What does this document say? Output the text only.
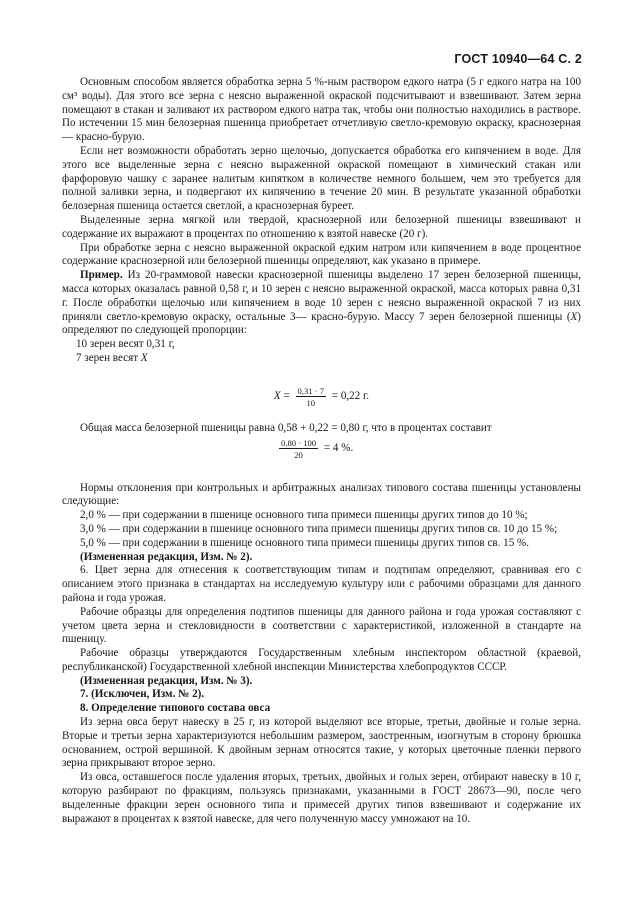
ГОСТ 10940—64 С. 2

Основным способом является обработка зерна 5 %-ным раствором едкого натра (5 г едкого натра на 100 см³ воды). Для этого все зерна с неясно выраженной окраской подсчитывают и взвешивают. Затем зерна помещают в стакан и заливают их раствором едкого натра так, чтобы они полностью находились в растворе. По истечении 15 мин белозерная пшеница приобретает отчетливую светло-кремовую окраску, краснозерная — красно-бурую.

Если нет возможности обработать зерно щелочью, допускается обработка его кипячением в воде. Для этого все выделенные зерна с неясно выраженной окраской помещают в химический стакан или фарфоровую чашку с заранее налитым кипятком в количестве немного большем, чем это требуется для полной заливки зерна, и подвергают их кипячению в течение 20 мин. В результате указанной обработки белозерная пшеница остается светлой, а краснозерная буреет.

Выделенные зерна мягкой или твердой, краснозерной или белозерной пшеницы взвешивают и содержание их выражают в процентах по отношению к взятой навеске (20 г).

При обработке зерна с неясно выраженной окраской едким натром или кипячением в воде процентное содержание краснозерной или белозерной пшеницы определяют, как указано в примере.

Пример. Из 20-граммовой навески краснозерной пшеницы выделено 17 зерен белозерной пшеницы, масса которых оказалась равной 0,58 г, и 10 зерен с неясно выраженной окраской, масса которых равна 0,31 г. После обработки щелочью или кипячением в воде 10 зерен с неясно выраженной окраской 7 из них приняли светло-кремовую окраску, остальные 3— красно-бурую. Массу 7 зерен белозерной пшеницы (X) определяют по следующей пропорции:

10 зерен весят 0,31 г,

7 зерен весят X

$X = \frac{0,31 \cdot 7}{10} = 0,22$ г.

Общая масса белозерной пшеницы равна 0,58 + 0,22 = 0,80 г, что в процентах составит

$\frac{0,80 \cdot 100}{20} = 4$ %.

Нормы отклонения при контрольных и арбитражных анализах типового состава пшеницы установлены следующие:

2,0 % — при содержании в пшенице основного типа примеси пшеницы других типов до 10 %;

3,0 % — при содержании в пшенице основного типа примеси пшеницы других типов св. 10 до 15 %;

5,0 % — при содержании в пшенице основного типа примеси пшеницы других типов св. 15 %.

(Измененная редакция, Изм. № 2).

6. Цвет зерна для отнесения к соответствующим типам и подтипам определяют, сравнивая его с описанием этого признака в стандартах на исследуемую культуру или с рабочими образцами для данного района и года урожая.

Рабочие образцы для определения подтипов пшеницы для данного района и года урожая составляют с учетом цвета зерна и стекловидности в соответствии с характеристикой, изложенной в стандарте на пшеницу.

Рабочие образцы утверждаются Государственным хлебным инспектором областной (краевой, республиканской) Государственной хлебной инспекции Министерства хлебопродуктов СССР.

(Измененная редакция, Изм. № 3).

7. (Исключен, Изм. № 2).

8. Определение типового состава овса

Из зерна овса берут навеску в 25 г, из которой выделяют все вторые, третьи, двойные и голые зерна. Вторые и третьи зерна характеризуются небольшим размером, заостренным, изогнутым в сторону брюшка основанием, острой вершиной. К двойным зернам относятся такие, у которых цветочные пленки первого зерна прикрывают второе зерно.

Из овса, оставшегося после удаления вторых, третьих, двойных и голых зерен, отбирают навеску в 10 г, которую разбирают по фракциям, пользуясь признаками, указанными в ГОСТ 28673—90, после чего выделенные фракции зерен основного типа и примесей других типов взвешивают и содержание их выражают в процентах к взятой навеске, для чего полученную массу умножают на 10.
